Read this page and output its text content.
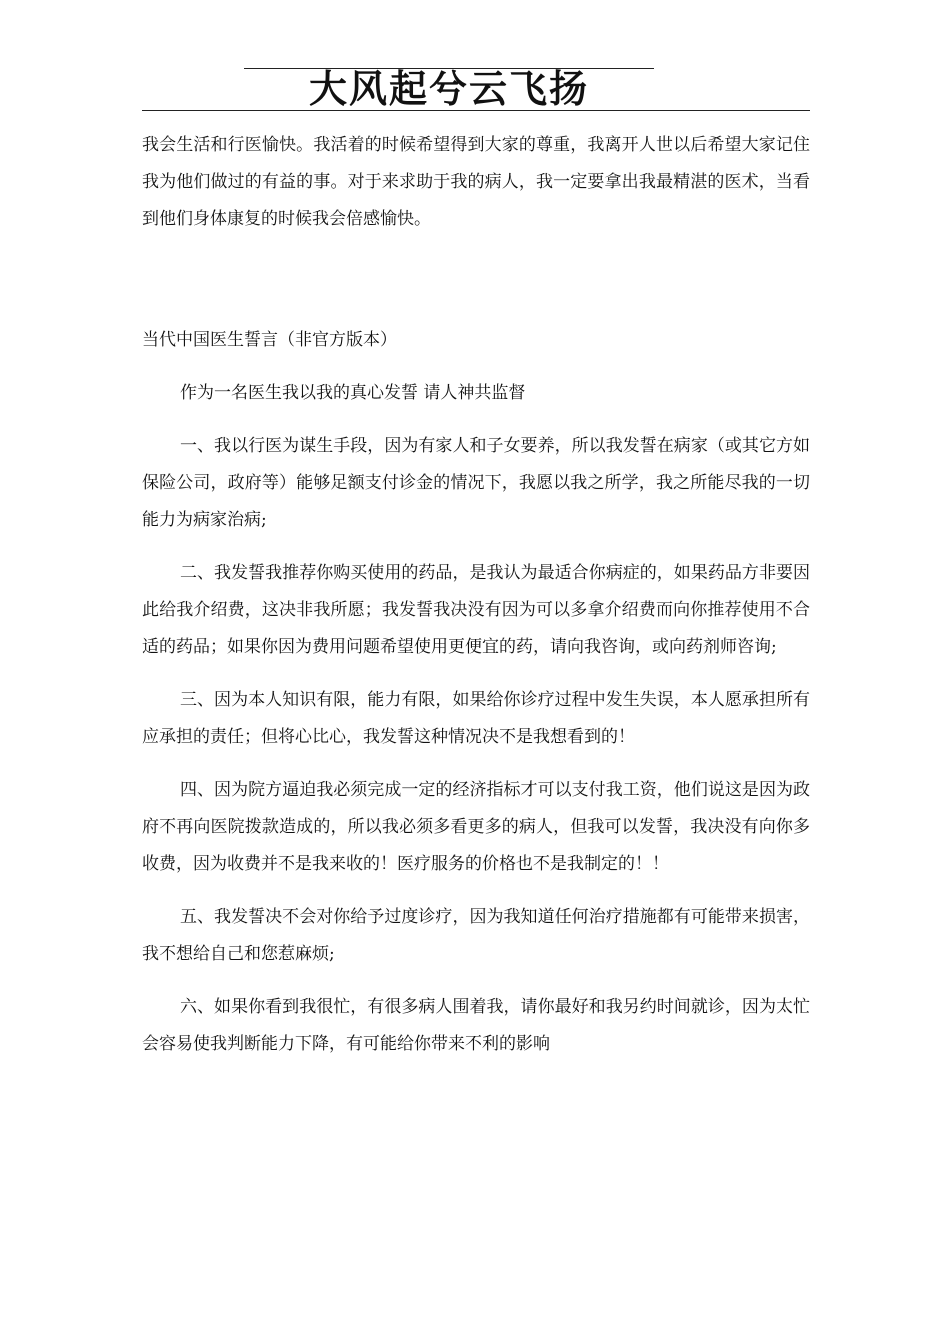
大风起兮云飞扬

我会生活和行医愉快。我活着的时候希望得到大家的尊重，我离开人世以后希望大家记住我为他们做过的有益的事。对于来求助于我的病人，我一定要拿出我最精湛的医术，当看到他们身体康复的时候我会倍感愉快。

当代中国医生誓言（非官方版本）

作为一名医生我以我的真心发誓 请人神共监督

一、我以行医为谋生手段，因为有家人和子女要养，所以我发誓在病家（或其它方如保险公司，政府等）能够足额支付诊金的情况下，我愿以我之所学，我之所能尽我的一切能力为病家治病;

二、我发誓我推荐你购买使用的药品，是我认为最适合你病症的，如果药品方非要因此给我介绍费，这决非我所愿；我发誓我决没有因为可以多拿介绍费而向你推荐使用不合适的药品；如果你因为费用问题希望使用更便宜的药，请向我咨询，或向药剂师咨询;

三、因为本人知识有限，能力有限，如果给你诊疗过程中发生失误，本人愿承担所有应承担的责任；但将心比心，我发誓这种情况决不是我想看到的！

四、因为院方逼迫我必须完成一定的经济指标才可以支付我工资，他们说这是因为政府不再向医院拨款造成的，所以我必须多看更多的病人，但我可以发誓，我决没有向你多收费，因为收费并不是我来收的！医疗服务的价格也不是我制定的！！

五、我发誓决不会对你给予过度诊疗，因为我知道任何治疗措施都有可能带来损害，我不想给自己和您惹麻烦;

六、如果你看到我很忙，有很多病人围着我，请你最好和我另约时间就诊，因为太忙会容易使我判断能力下降，有可能给你带来不利的影响
